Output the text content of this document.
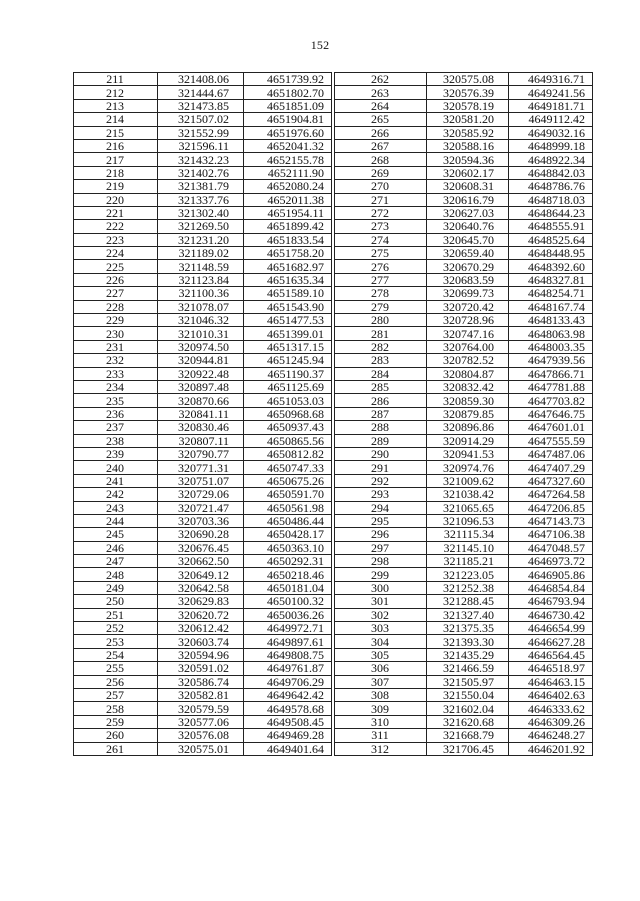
152
211	321408.06	4651739.92
212	321444.67	4651802.70
213	321473.85	4651851.09
214	321507.02	4651904.81
215	321552.99	4651976.60
216	321596.11	4652041.32
217	321432.23	4652155.78
218	321402.76	4652111.90
219	321381.79	4652080.24
220	321337.76	4652011.38
221	321302.40	4651954.11
222	321269.50	4651899.42
223	321231.20	4651833.54
224	321189.02	4651758.20
225	321148.59	4651682.97
226	321123.84	4651635.34
227	321100.36	4651589.10
228	321078.07	4651543.90
229	321046.32	4651477.53
230	321010.31	4651399.01
231	320974.50	4651317.15
232	320944.81	4651245.94
233	320922.48	4651190.37
234	320897.48	4651125.69
235	320870.66	4651053.03
236	320841.11	4650968.68
237	320830.46	4650937.43
238	320807.11	4650865.56
239	320790.77	4650812.82
240	320771.31	4650747.33
241	320751.07	4650675.26
242	320729.06	4650591.70
243	320721.47	4650561.98
244	320703.36	4650486.44
245	320690.28	4650428.17
246	320676.45	4650363.10
247	320662.50	4650292.31
248	320649.12	4650218.46
249	320642.58	4650181.04
250	320629.83	4650100.32
251	320620.72	4650036.26
252	320612.42	4649972.71
253	320603.74	4649897.61
254	320594.96	4649808.75
255	320591.02	4649761.87
256	320586.74	4649706.29
257	320582.81	4649642.42
258	320579.59	4649578.68
259	320577.06	4649508.45
260	320576.08	4649469.28
261	320575.01	4649401.64
262	320575.08	4649316.71
263	320576.39	4649241.56
264	320578.19	4649181.71
265	320581.20	4649112.42
266	320585.92	4649032.16
267	320588.16	4648999.18
268	320594.36	4648922.34
269	320602.17	4648842.03
270	320608.31	4648786.76
271	320616.79	4648718.03
272	320627.03	4648644.23
273	320640.76	4648555.91
274	320645.70	4648525.64
275	320659.40	4648448.95
276	320670.29	4648392.60
277	320683.59	4648327.81
278	320699.73	4648254.71
279	320720.42	4648167.74
280	320728.96	4648133.43
281	320747.16	4648063.98
282	320764.00	4648003.35
283	320782.52	4647939.56
284	320804.87	4647866.71
285	320832.42	4647781.88
286	320859.30	4647703.82
287	320879.85	4647646.75
288	320896.86	4647601.01
289	320914.29	4647555.59
290	320941.53	4647487.06
291	320974.76	4647407.29
292	321009.62	4647327.60
293	321038.42	4647264.58
294	321065.65	4647206.85
295	321096.53	4647143.73
296	321115.34	4647106.38
297	321145.10	4647048.57
298	321185.21	4646973.72
299	321223.05	4646905.86
300	321252.38	4646854.84
301	321288.45	4646793.94
302	321327.40	4646730.42
303	321375.35	4646654.99
304	321393.30	4646627.28
305	321435.29	4646564.45
306	321466.59	4646518.97
307	321505.97	4646463.15
308	321550.04	4646402.63
309	321602.04	4646333.62
310	321620.68	4646309.26
311	321668.79	4646248.27
312	321706.45	4646201.92
